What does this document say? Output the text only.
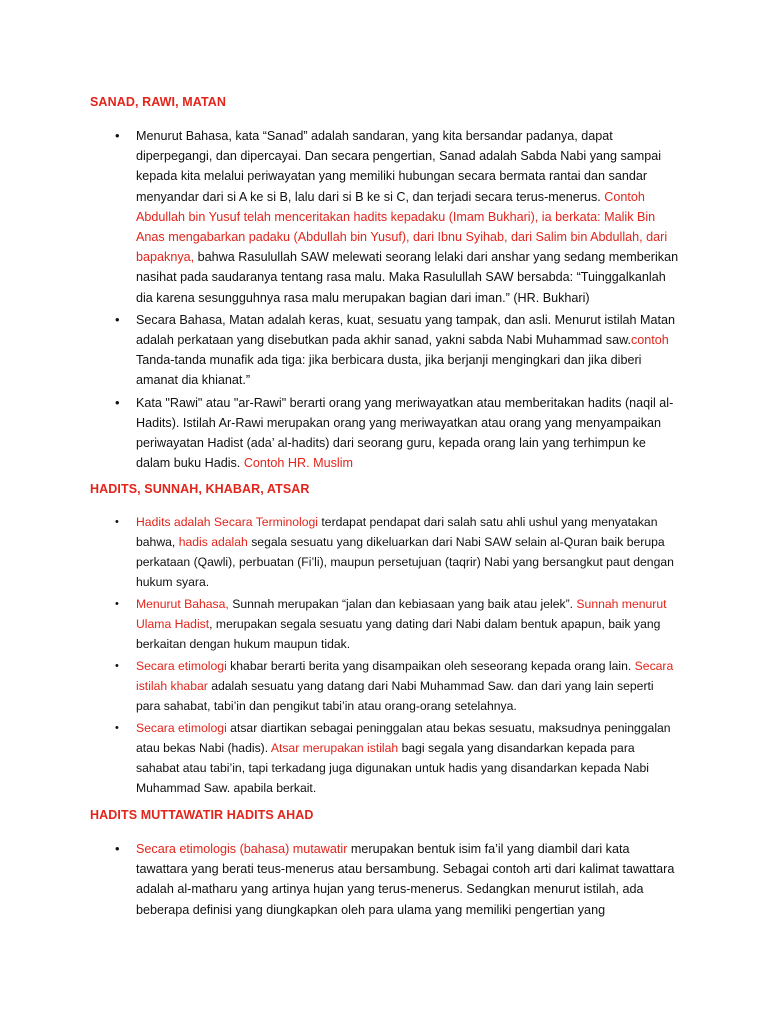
SANAD, RAWI, MATAN
• Menurut Bahasa, kata “Sanad” adalah sandaran, yang kita bersandar padanya, dapat diperpegangi, dan dipercayai. Dan secara pengertian, Sanad adalah Sabda Nabi yang sampai kepada kita melalui periwayatan yang memiliki hubungan secara bermata rantai dan sandar menyandar dari si A ke si B, lalu dari si B ke si C, dan terjadi secara terus-menerus. Contoh Abdullah bin Yusuf telah menceritakan hadits kepadaku (Imam Bukhari), ia berkata: Malik Bin Anas mengabarkan padaku (Abdullah bin Yusuf), dari Ibnu Syihab, dari Salim bin Abdullah, dari bapaknya, bahwa Rasulullah SAW melewati seorang lelaki dari anshar yang sedang memberikan nasihat pada saudaranya tentang rasa malu. Maka Rasulullah SAW bersabda: “Tuinggalkanlah dia karena sesungguhnya rasa malu merupakan bagian dari iman.” (HR. Bukhari)

• Secara Bahasa, Matan adalah keras, kuat, sesuatu yang tampak, dan asli. Menurut istilah Matan adalah perkataan yang disebutkan pada akhir sanad, yakni sabda Nabi Muhammad saw.contoh Tanda-tanda munafik ada tiga: jika berbicara dusta, jika berjanji mengingkari dan jika diberi amanat dia khianat.”

• Kata "Rawi" atau "ar-Rawi" berarti orang yang meriwayatkan atau memberitakan hadits (naqil al-Hadits). Istilah Ar-Rawi merupakan orang yang meriwayatkan atau orang yang menyampaikan periwayatan Hadist (ada’ al-hadits) dari seorang guru, kepada orang lain yang terhimpun ke dalam buku Hadis. Contoh HR. Muslim

HADITS, SUNNAH, KHABAR, ATSAR
• Hadits adalah Secara Terminologi terdapat pendapat dari salah satu ahli ushul yang menyatakan bahwa, hadis adalah segala sesuatu yang dikeluarkan dari Nabi SAW selain al-Quran baik berupa perkataan (Qawli), perbuatan (Fi’li), maupun persetujuan (taqrir) Nabi yang bersangkut paut dengan hukum syara.

• Menurut Bahasa, Sunnah merupakan “jalan dan kebiasaan yang baik atau jelek”. Sunnah menurut Ulama Hadist, merupakan segala sesuatu yang dating dari Nabi dalam bentuk apapun, baik yang berkaitan dengan hukum maupun tidak.

• Secara etimologi khabar berarti berita yang disampaikan oleh seseorang kepada orang lain. Secara istilah khabar adalah sesuatu yang datang dari Nabi Muhammad Saw. dan dari yang lain seperti para sahabat, tabi’in dan pengikut tabi’in atau orang-orang setelahnya.

• Secara etimologi atsar diartikan sebagai peninggalan atau bekas sesuatu, maksudnya peninggalan atau bekas Nabi (hadis). Atsar merupakan istilah bagi segala yang disandarkan kepada para sahabat atau tabi’in, tapi terkadang juga digunakan untuk hadis yang disandarkan kepada Nabi Muhammad Saw. apabila berkait.

HADITS MUTTAWATIR HADITS AHAD
• Secara etimologis (bahasa) mutawatir merupakan bentuk isim fa’il yang diambil dari kata tawattara yang berati teus-menerus atau bersambung. Sebagai contoh arti dari kalimat tawattara adalah al-matharu yang artinya hujan yang terus-menerus. Sedangkan menurut istilah, ada beberapa definisi yang diungkapkan oleh para ulama yang memiliki pengertian yang
